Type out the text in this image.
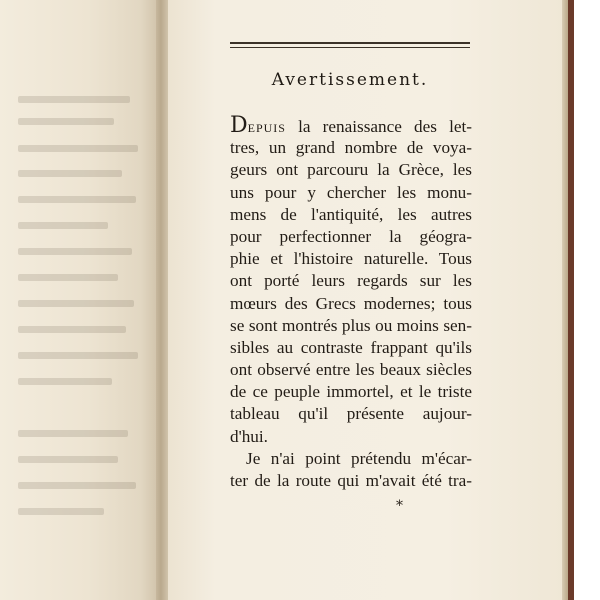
Avertissement.
Depuis la renaissance des let-
tres, un grand nombre de voya-
geurs ont parcouru la Grèce, les
uns pour y chercher les monu-
mens de l'antiquité, les autres
pour perfectionner la géogra-
phie et l'histoire naturelle. Tous
ont porté leurs regards sur les
mœurs des Grecs modernes; tous
se sont montrés plus ou moins sen-
sibles au contraste frappant qu'ils
ont observé entre les beaux siècles
de ce peuple immortel, et le triste
tableau qu'il présente aujour-
d'hui.
Je n'ai point prétendu m'écar-
ter de la route qui m'avait été tra-
*
